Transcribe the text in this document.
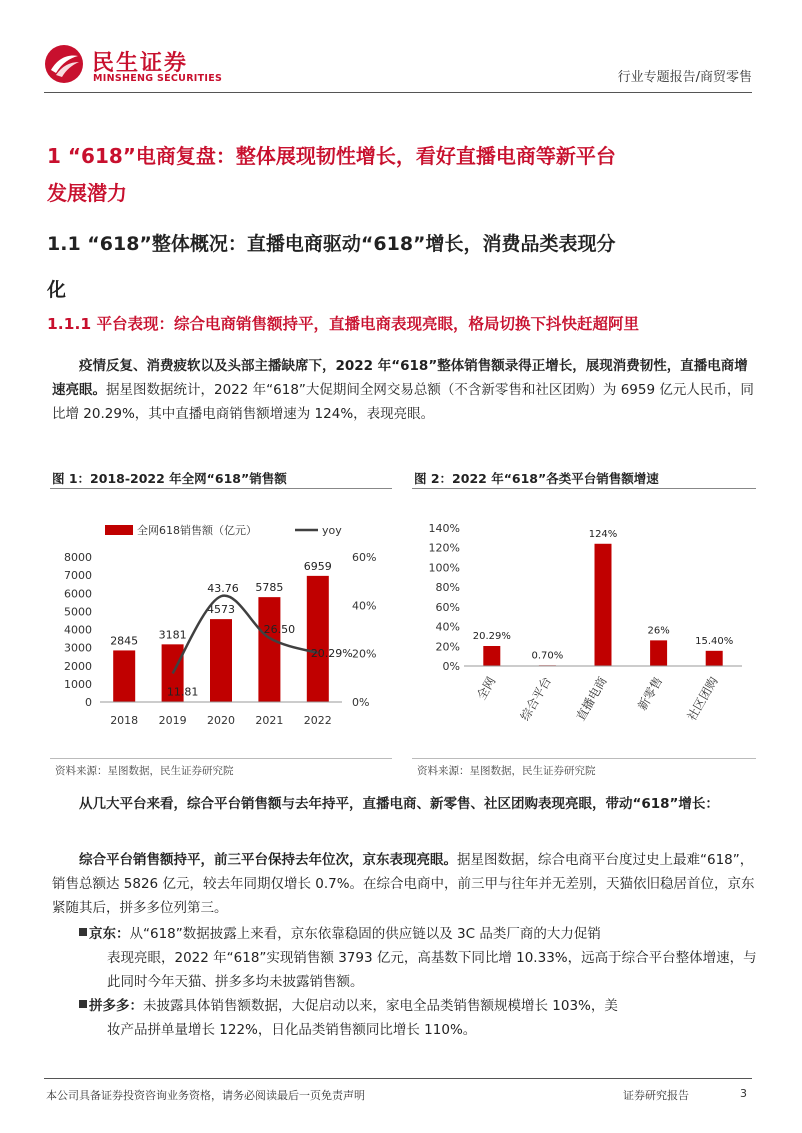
民生证券
MINSHENG SECURITIES	行业专题报告/商贸零售
1 “618”电商复盘：整体展现韧性增长，看好直播电商等新平台发展潜力
1.1 “618”整体概况：直播电商驱动“618”增长，消费品类表现分化
1.1.1 平台表现：综合电商销售额持平，直播电商表现亮眼，格局切换下抖快赶超阿里
疫情反复、消费疲软以及头部主播缺席下，2022 年“618”整体销售额录得正增长，展现消费韧性，直播电商增速亮眼。据星图数据统计，2022 年“618”大促期间全网交易总额（不含新零售和社区团购）为 6959 亿元人民币，同比增 20.29%，其中直播电商销售额增速为 124%，表现亮眼。
图 1：2018-2022 年全网“618”销售额
全网618销售额（亿元）	yoy
0
1000
2000
3000
4000
5000
6000
7000
8000
0%
20%
40%
60%
2845 3181
4573
5785
6959
2018 2019 2020 2021 2022
11.81
43.76
26.50
20.29%
资料来源：星图数据，民生证券研究院
图 2：2022 年“618”各类平台销售额增速
0%
20%
40%
60%
80%
100%
120%
140%
20.29%
0.70%
124%
26%
15.40%
全网 综合平台 直播电商 新零售 社区团购
资料来源：星图数据，民生证券研究院
从几大平台来看，综合平台销售额与去年持平，直播电商、新零售、社区团购表现亮眼，带动“618”增长：
综合平台销售额持平，前三平台保持去年位次，京东表现亮眼。据星图数据，综合电商平台度过史上最难“618”，销售总额达 5826 亿元，较去年同期仅增长 0.7%。在综合电商中，前三甲与往年并无差别，天猫依旧稳居首位，京东紧随其后，拼多多位列第三。
京东：从“618”数据披露上来看，京东依靠稳固的供应链以及 3C 品类厂商的大力促销
表现亮眼，2022 年“618”实现销售额 3793 亿元，高基数下同比增 10.33%，远高于综合平台整体增速，与此同时今年天猫、拼多多均未披露销售额。
拼多多：未披露具体销售额数据，大促启动以来，家电全品类销售额规模增长 103%，美
妆产品拼单量增长 122%，日化品类销售额同比增长 110%。
本公司具备证券投资咨询业务资格，请务必阅读最后一页免责声明	证券研究报告	3
